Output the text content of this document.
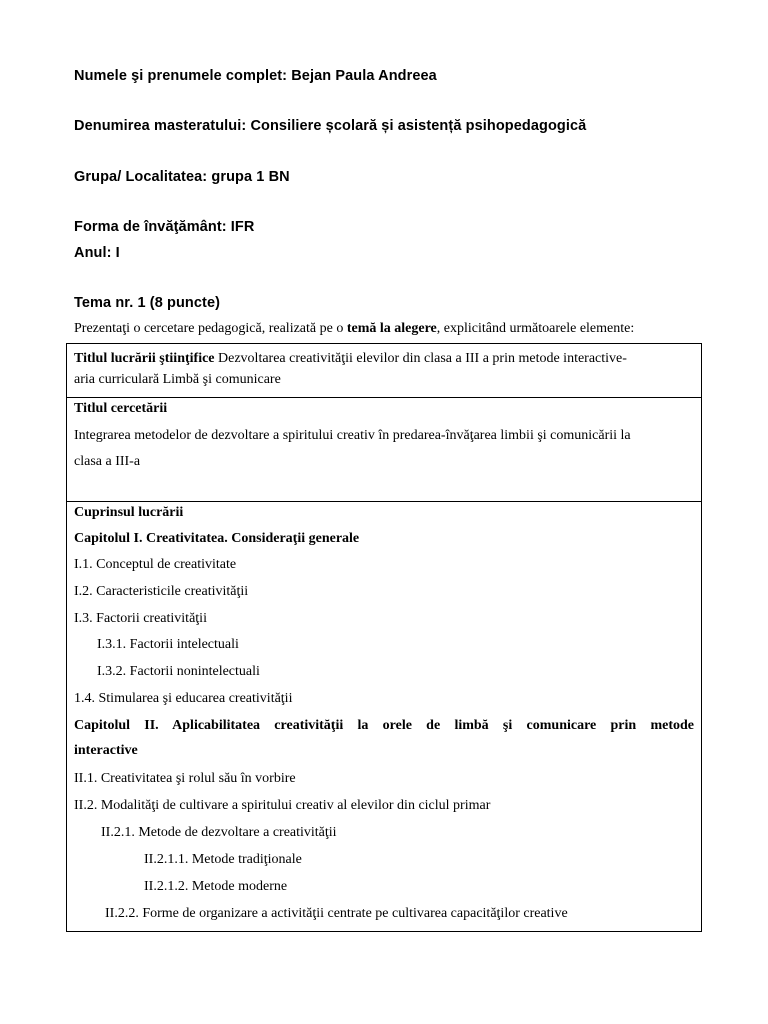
Numele şi prenumele complet: Bejan Paula Andreea
Denumirea masteratului: Consiliere școlară și asistență psihopedagogică
Grupa/ Localitatea: grupa 1 BN
Forma de învăţământ: IFR
Anul: I
Tema nr. 1 (8 puncte)
Prezentaţi o cercetare pedagogică, realizată pe o temă la alegere, explicitând următoarele elemente:
Titlul lucrării ştiinţifice Dezvoltarea creativităţii elevilor din clasa a III a prin metode interactive-
aria curriculară Limbă şi comunicare
Titlul cercetării
Integrarea metodelor de dezvoltare a spiritului creativ în predarea-învăţarea limbii şi comunicării la
clasa a III-a
Cuprinsul lucrării
Capitolul I. Creativitatea. Consideraţii generale
I.1. Conceptul de creativitate
I.2. Caracteristicile creativităţii
I.3. Factorii creativităţii
I.3.1. Factorii intelectuali
I.3.2. Factorii nonintelectuali
1.4. Stimularea şi educarea creativităţii
Capitolul II. Aplicabilitatea creativităţii la orele de limbă şi comunicare prin metode
interactive
II.1. Creativitatea şi rolul său în vorbire
II.2. Modalităţi de cultivare a spiritului creativ al elevilor din ciclul primar
II.2.1. Metode de dezvoltare a creativităţii
II.2.1.1. Metode tradiţionale
II.2.1.2. Metode moderne
II.2.2. Forme de organizare a activităţii centrate pe cultivarea capacităţilor creative
